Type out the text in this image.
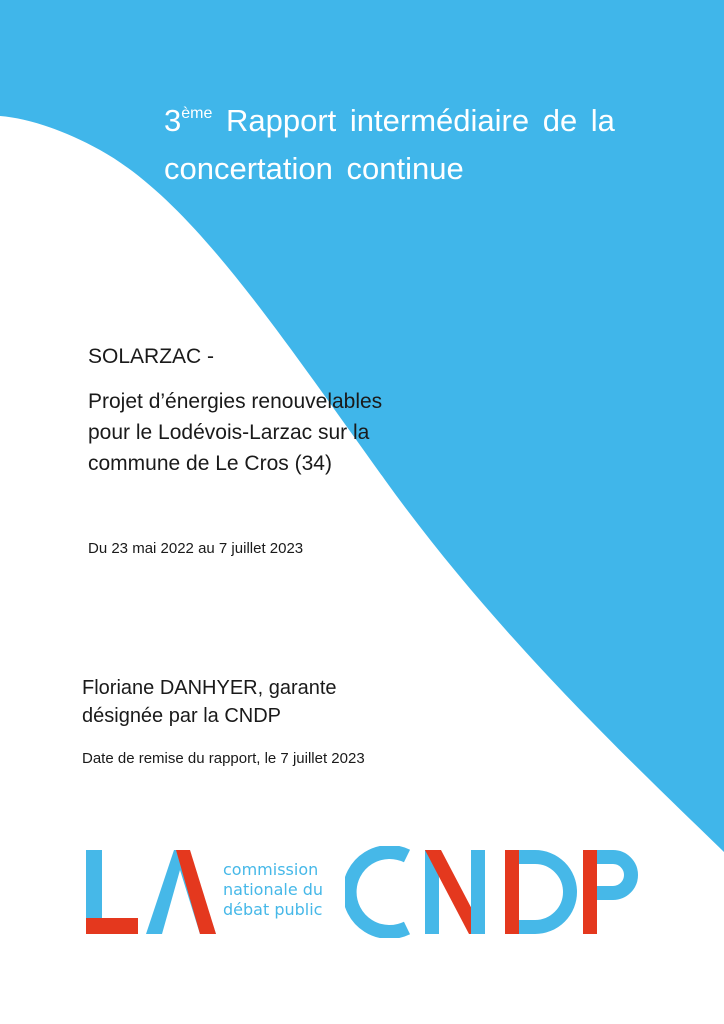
3ème Rapport intermédiaire de la concertation continue

SOLARZAC -

Projet d’énergies renouvelables pour le Lodévois-Larzac sur la commune de Le Cros (34)

Du 23 mai 2022 au 7 juillet 2023

Floriane DANHYER, garante désignée par la CNDP

Date de remise du rapport, le 7 juillet 2023

commission
nationale du
débat public
